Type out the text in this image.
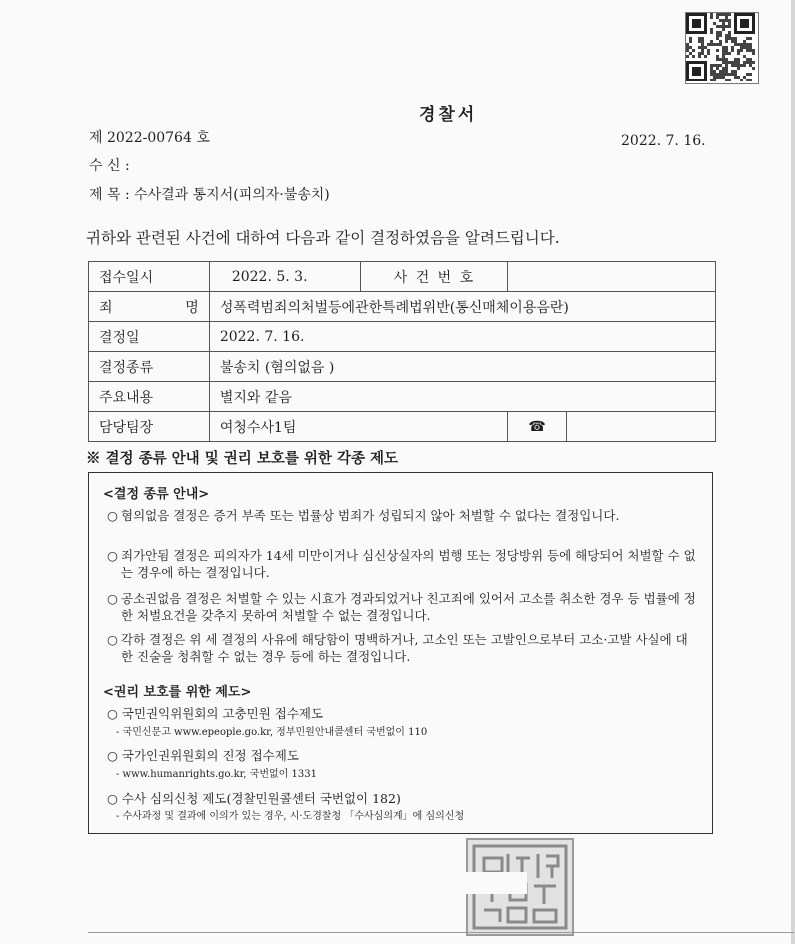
경찰서
제 2022-00764 호	2022. 7. 16.
수 신 :
제 목 : 수사결과 통지서(피의자·불송치)
귀하와 관련된 사건에 대하여 다음과 같이 결정하였음을 알려드립니다.
접수일시	2022. 5. 3.	사 건 번 호		
죄 명	성폭력범죄의처벌등에관한특례법위반(통신매체이용음란)			
결정일	2022. 7. 16.			
결정종류	불송치 (혐의없음 )			
주요내용	별지와 같음			
담당팀장	여청수사1팀		☎	
※ 결정 종류 안내 및 권리 보호를 위한 각종 제도
<결정 종류 안내>
○ 혐의없음 결정은 증거 부족 또는 법률상 범죄가 성립되지 않아 처벌할 수 없다는 결정입니다.
○ 죄가안됨 결정은 피의자가 14세 미만이거나 심신상실자의 범행 또는 정당방위 등에 해당되어 처벌할 수 없는 경우에 하는 결정입니다.
○ 공소권없음 결정은 처벌할 수 있는 시효가 경과되었거나 친고죄에 있어서 고소를 취소한 경우 등 법률에 정한 처벌요건을 갖추지 못하여 처벌할 수 없는 결정입니다.
○ 각하 결정은 위 세 결정의 사유에 해당함이 명백하거나, 고소인 또는 고발인으로부터 고소·고발 사실에 대한 진술을 청취할 수 없는 경우 등에 하는 결정입니다.
<권리 보호를 위한 제도>
○ 국민권익위원회의 고충민원 접수제도
- 국민신문고 www.epeople.go.kr, 정부민원안내콜센터 국번없이 110
○ 국가인권위원회의 진정 접수제도
- www.humanrights.go.kr, 국번없이 1331
○ 수사 심의신청 제도(경찰민원콜센터 국번없이 182)
- 수사과정 및 결과에 이의가 있는 경우, 시·도경찰청 「수사심의계」에 심의신청
